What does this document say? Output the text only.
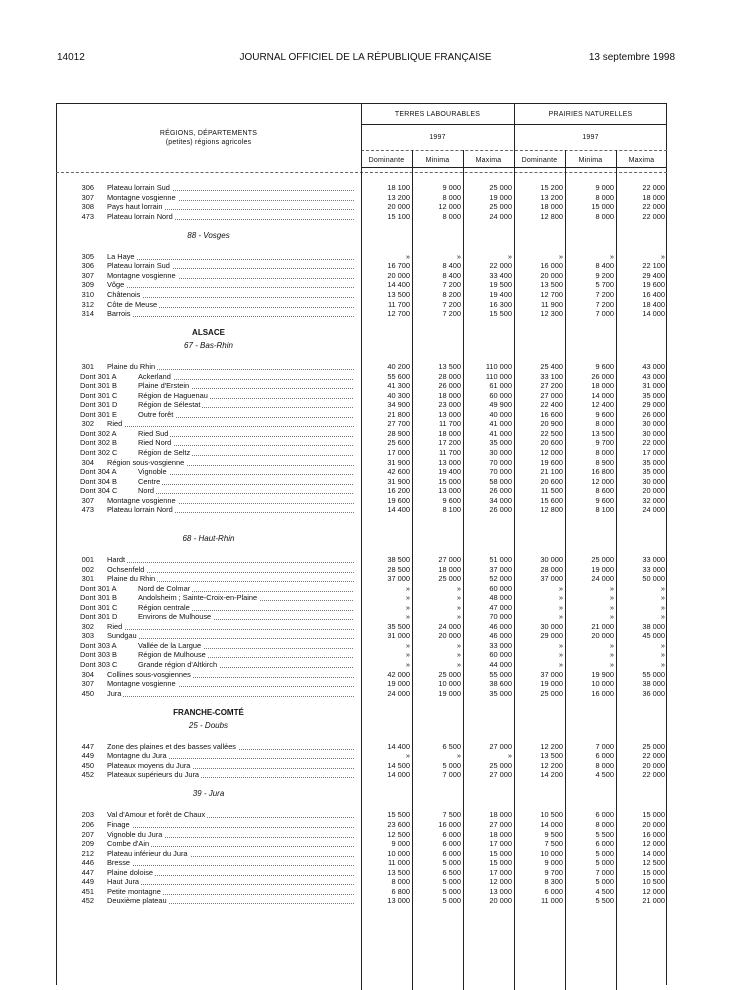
14012	JOURNAL OFFICIEL DE LA RÉPUBLIQUE FRANÇAISE	13 septembre 1998
RÉGIONS, DÉPARTEMENTS
(petites) régions agricoles
TERRES LABOURABLES	PRAIRIES NATURELLES
1997	1997
Dominante	Minima	Maxima	Dominante	Minima	Maxima
306 Plateau lorrain Sud	18 100	9 000	25 000	15 200	9 000	22 000
307 Montagne vosgienne	13 200	8 000	19 000	13 200	8 000	18 000
308 Pays haut lorrain	20 000	12 000	25 000	18 000	15 000	22 000
473 Plateau lorrain Nord	15 100	8 000	24 000	12 800	8 000	22 000
88 - Vosges
305 La Haye	»	»	»	»	»	»
306 Plateau lorrain Sud	16 700	8 400	22 000	16 000	8 400	22 100
307 Montagne vosgienne	20 000	8 400	33 400	20 000	9 200	29 400
309 Vôge	14 400	7 200	19 500	13 500	5 700	19 600
310 Châtenois	13 500	8 200	19 400	12 700	7 200	16 400
312 Côte de Meuse	11 700	7 200	16 300	11 900	7 200	18 400
314 Barrois	12 700	7 200	15 500	12 300	7 000	14 000
ALSACE
67 - Bas-Rhin
301 Plaine du Rhin	40 200	13 500	110 000	25 400	9 600	43 000
Dont 301 A	Ackerland	55 600	28 000	110 000	33 100	26 000	43 000
Dont 301 B	Plaine d'Erstein	41 300	26 000	61 000	27 200	18 000	31 000
Dont 301 C	Région de Haguenau	40 300	18 000	60 000	27 000	14 000	35 000
Dont 301 D	Région de Sélestat	34 900	23 000	49 900	22 400	12 400	29 000
Dont 301 E	Outre forêt	21 800	13 000	40 000	16 600	9 600	26 000
302 Ried	27 700	11 700	41 000	20 900	8 000	30 000
Dont 302 A	Ried Sud	28 900	18 000	41 000	22 500	13 500	30 000
Dont 302 B	Ried Nord	25 600	17 200	35 000	20 600	9 700	22 000
Dont 302 C	Région de Seltz	17 000	11 700	30 000	12 000	8 000	17 000
304 Région sous-vosgienne	31 900	13 000	70 000	19 600	8 900	35 000
Dont 304 A	Vignoble	42 600	19 400	70 000	21 100	16 800	35 000
Dont 304 B	Centre	31 900	15 000	58 000	20 600	12 000	30 000
Dont 304 C	Nord	16 200	13 000	26 000	11 500	8 600	20 000
307 Montagne vosgienne	19 600	9 600	34 000	15 600	9 600	32 000
473 Plateau lorrain Nord	14 400	8 100	26 000	12 800	8 100	24 000
68 - Haut-Rhin
001 Hardt	38 500	27 000	51 000	30 000	25 000	33 000
002 Ochsenfeld	28 500	18 000	37 000	28 000	19 000	33 000
301 Plaine du Rhin	37 000	25 000	52 000	37 000	24 000	50 000
Dont 301 A	Nord de Colmar	»	»	60 000	»	»	»
Dont 301 B	Andolsheim ; Sainte-Croix-en-Plaine	»	»	48 000	»	»	»
Dont 301 C	Région centrale	»	»	47 000	»	»	»
Dont 301 D	Environs de Mulhouse	»	»	70 000	»	»	»
302 Ried	35 500	24 000	46 000	30 000	21 000	38 000
303 Sundgau	31 000	20 000	46 000	29 000	20 000	45 000
Dont 303 A	Vallée de la Largue	»	»	33 000	»	»	»
Dont 303 B	Région de Mulhouse	»	»	60 000	»	»	»
Dont 303 C	Grande région d'Altkirch	»	»	44 000	»	»	»
304 Collines sous-vosgiennes	42 000	25 000	55 000	37 000	19 900	55 000
307 Montagne vosgienne	19 000	10 000	38 600	19 000	10 000	38 000
450 Jura	24 000	19 000	35 000	25 000	16 000	36 000
FRANCHE-COMTÉ
25 - Doubs
447 Zone des plaines et des basses vallées	14 400	6 500	27 000	12 200	7 000	25 000
449 Montagne du Jura	»	»	»	13 500	6 000	22 000
450 Plateaux moyens du Jura	14 500	5 000	25 000	12 200	8 000	20 000
452 Plateaux supérieurs du Jura	14 000	7 000	27 000	14 200	4 500	22 000
39 - Jura
203 Val d'Amour et forêt de Chaux	15 500	7 500	18 000	10 500	6 000	15 000
206 Finage	23 600	16 000	27 000	14 000	8 000	20 000
207 Vignoble du Jura	12 500	6 000	18 000	9 500	5 500	16 000
209 Combe d'Ain	9 000	6 000	17 000	7 500	6 000	12 000
212 Plateau inférieur du Jura	10 000	6 000	15 000	10 000	5 000	14 000
446 Bresse	11 000	5 000	15 000	9 000	5 000	12 500
447 Plaine doloise	13 500	6 500	17 000	9 700	7 000	15 000
449 Haut Jura	8 000	5 000	12 000	8 300	5 000	10 500
451 Petite montagne	6 800	5 000	13 000	6 000	4 500	12 000
452 Deuxième plateau	13 000	5 000	20 000	11 000	5 500	21 000
